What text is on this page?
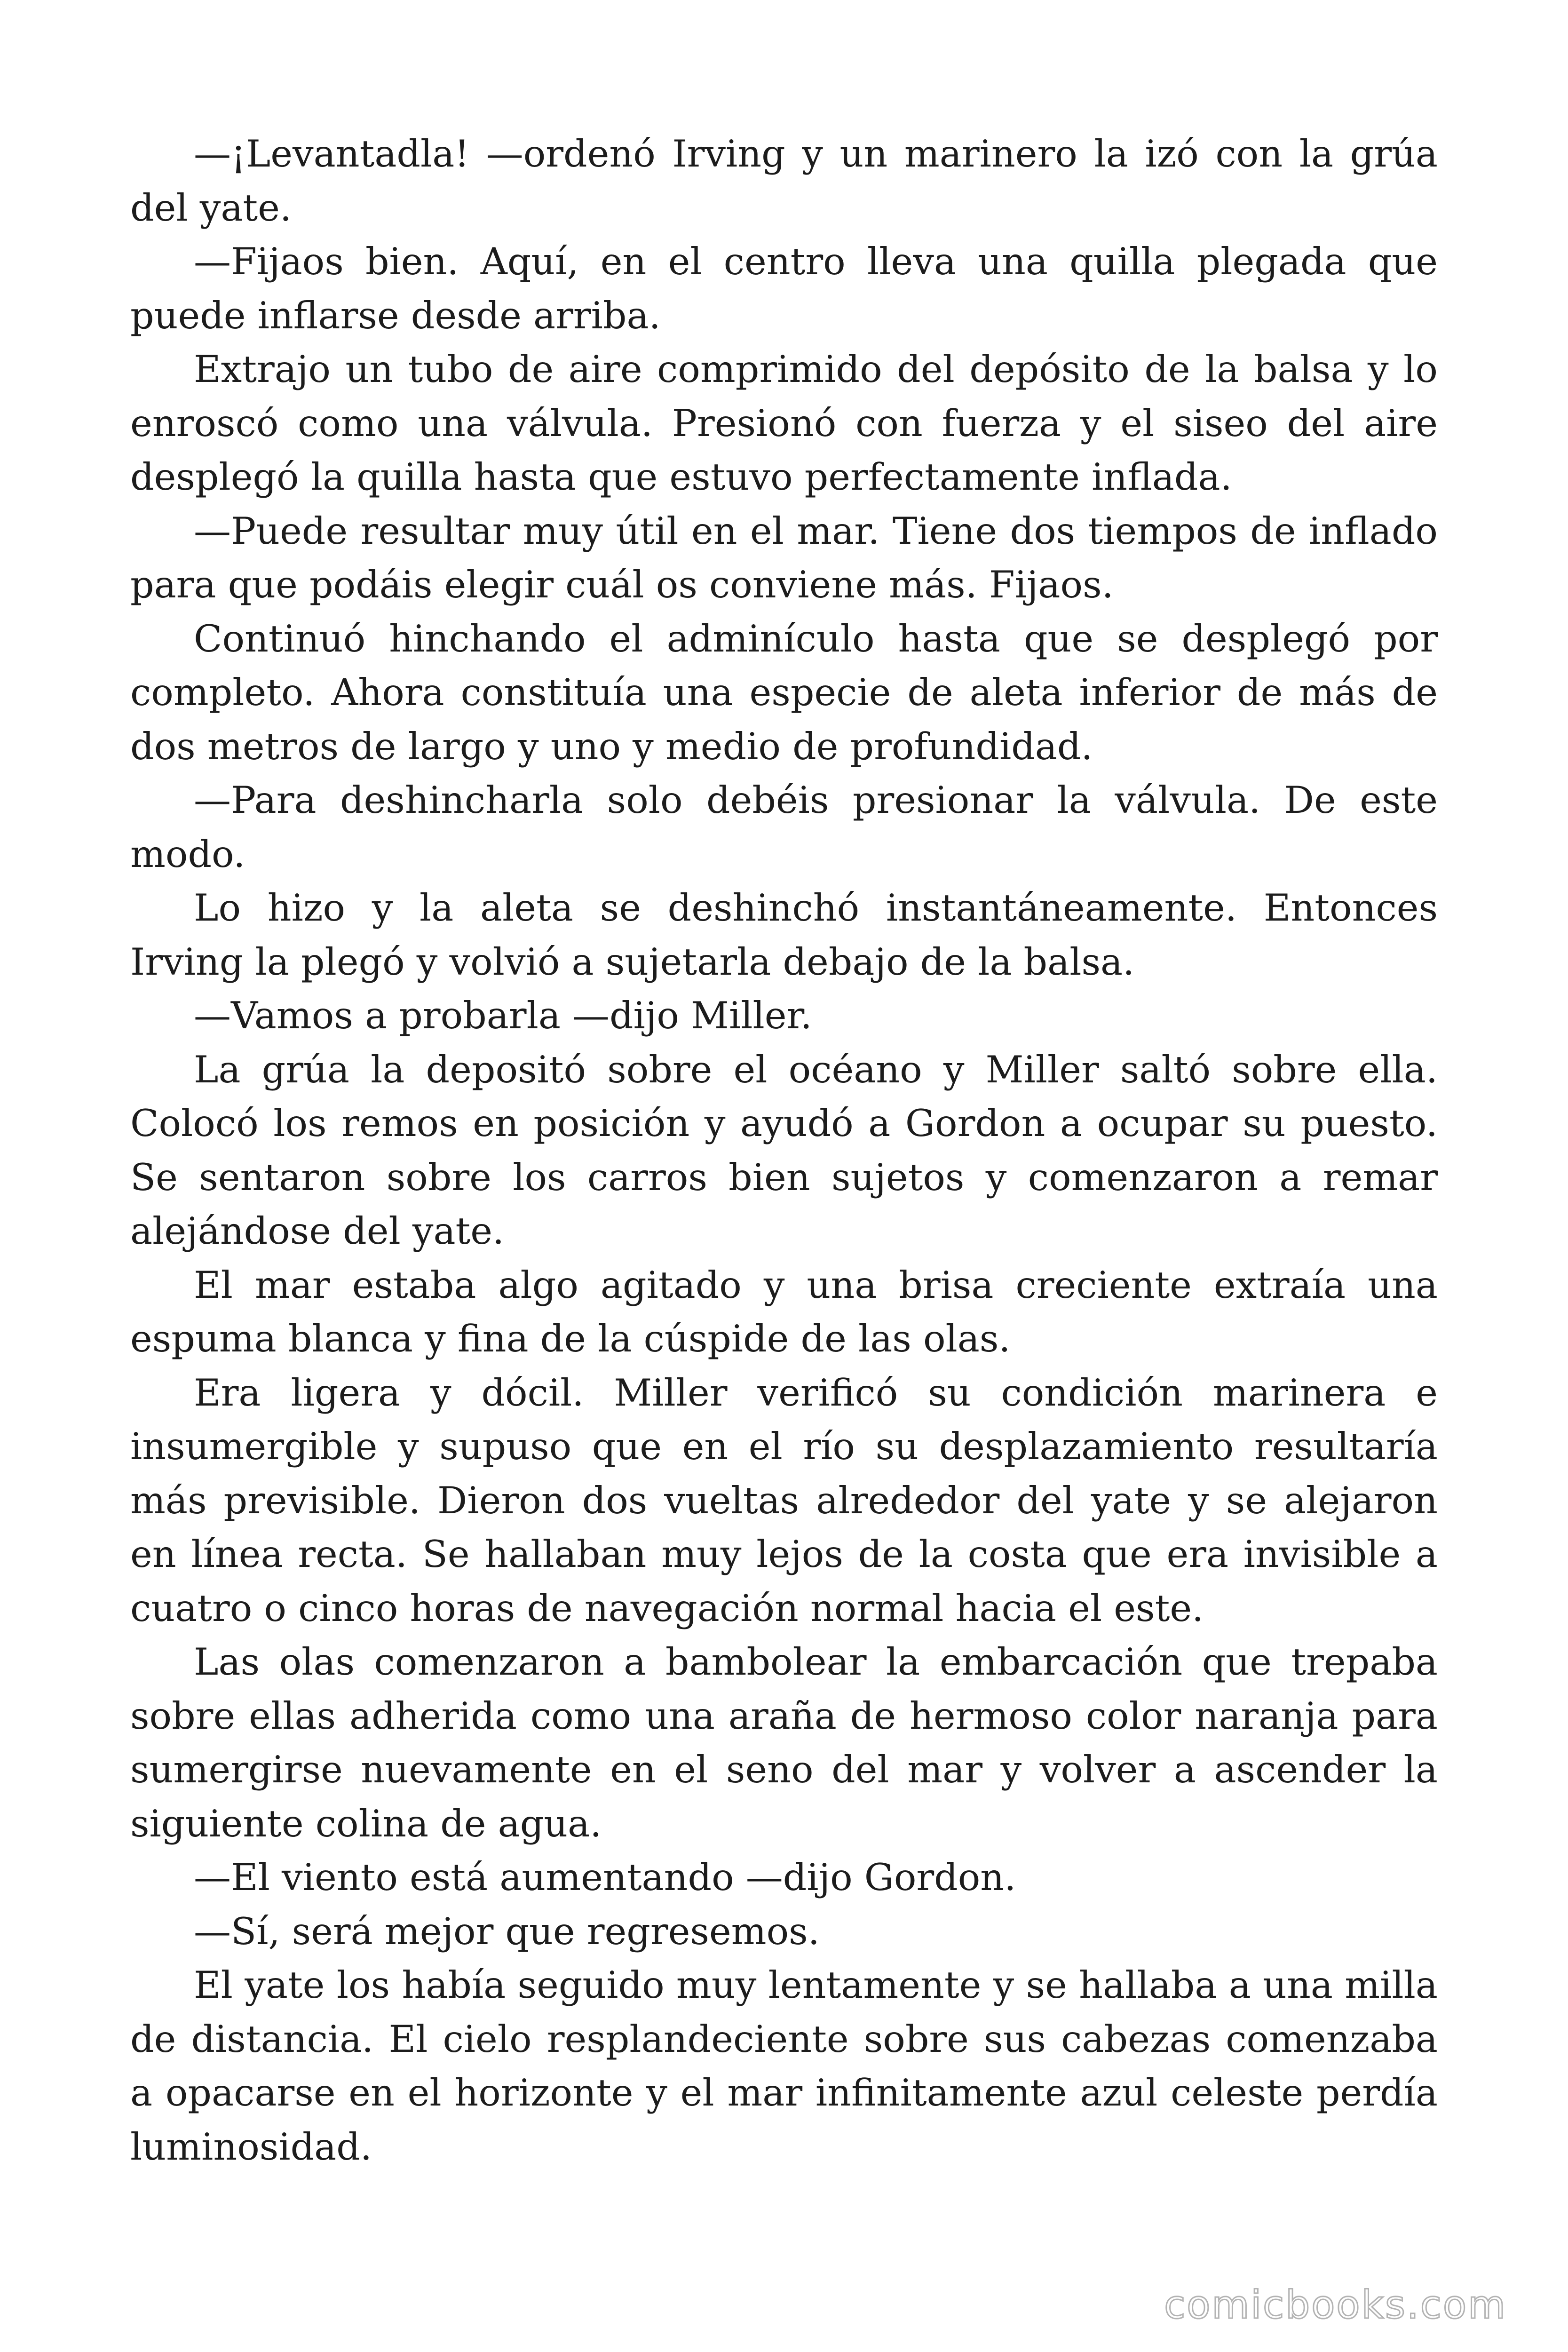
—¡Levantadla! —ordenó Irving y un marinero la izó con la grúa del yate.

—Fijaos bien. Aquí, en el centro lleva una quilla plegada que puede inflarse desde arriba.

Extrajo un tubo de aire comprimido del depósito de la balsa y lo enroscó como una válvula. Presionó con fuerza y el siseo del aire desplegó la quilla hasta que estuvo perfectamente inflada.

—Puede resultar muy útil en el mar. Tiene dos tiempos de inflado para que podáis elegir cuál os conviene más. Fijaos.

Continuó hinchando el adminículo hasta que se desplegó por completo. Ahora constituía una especie de aleta inferior de más de dos metros de largo y uno y medio de profundidad.

—Para deshincharla solo debéis presionar la válvula. De este modo.

Lo hizo y la aleta se deshinchó instantáneamente. Entonces Irving la plegó y volvió a sujetarla debajo de la balsa.

—Vamos a probarla —dijo Miller.

La grúa la depositó sobre el océano y Miller saltó sobre ella. Colocó los remos en posición y ayudó a Gordon a ocupar su puesto. Se sentaron sobre los carros bien sujetos y comenzaron a remar alejándose del yate.

El mar estaba algo agitado y una brisa creciente extraía una espuma blanca y fina de la cúspide de las olas.

Era ligera y dócil. Miller verificó su condición marinera e insumergible y supuso que en el río su desplazamiento resultaría más previsible. Dieron dos vueltas alrededor del yate y se alejaron en línea recta. Se hallaban muy lejos de la costa que era invisible a cuatro o cinco horas de navegación normal hacia el este.

Las olas comenzaron a bambolear la embarcación que trepaba sobre ellas adherida como una araña de hermoso color naranja para sumergirse nuevamente en el seno del mar y volver a ascender la siguiente colina de agua.

—El viento está aumentando —dijo Gordon.

—Sí, será mejor que regresemos.

El yate los había seguido muy lentamente y se hallaba a una milla de distancia. El cielo resplandeciente sobre sus cabezas comenzaba a opacarse en el horizonte y el mar infinitamente azul celeste perdía luminosidad.

comicbooks.com
